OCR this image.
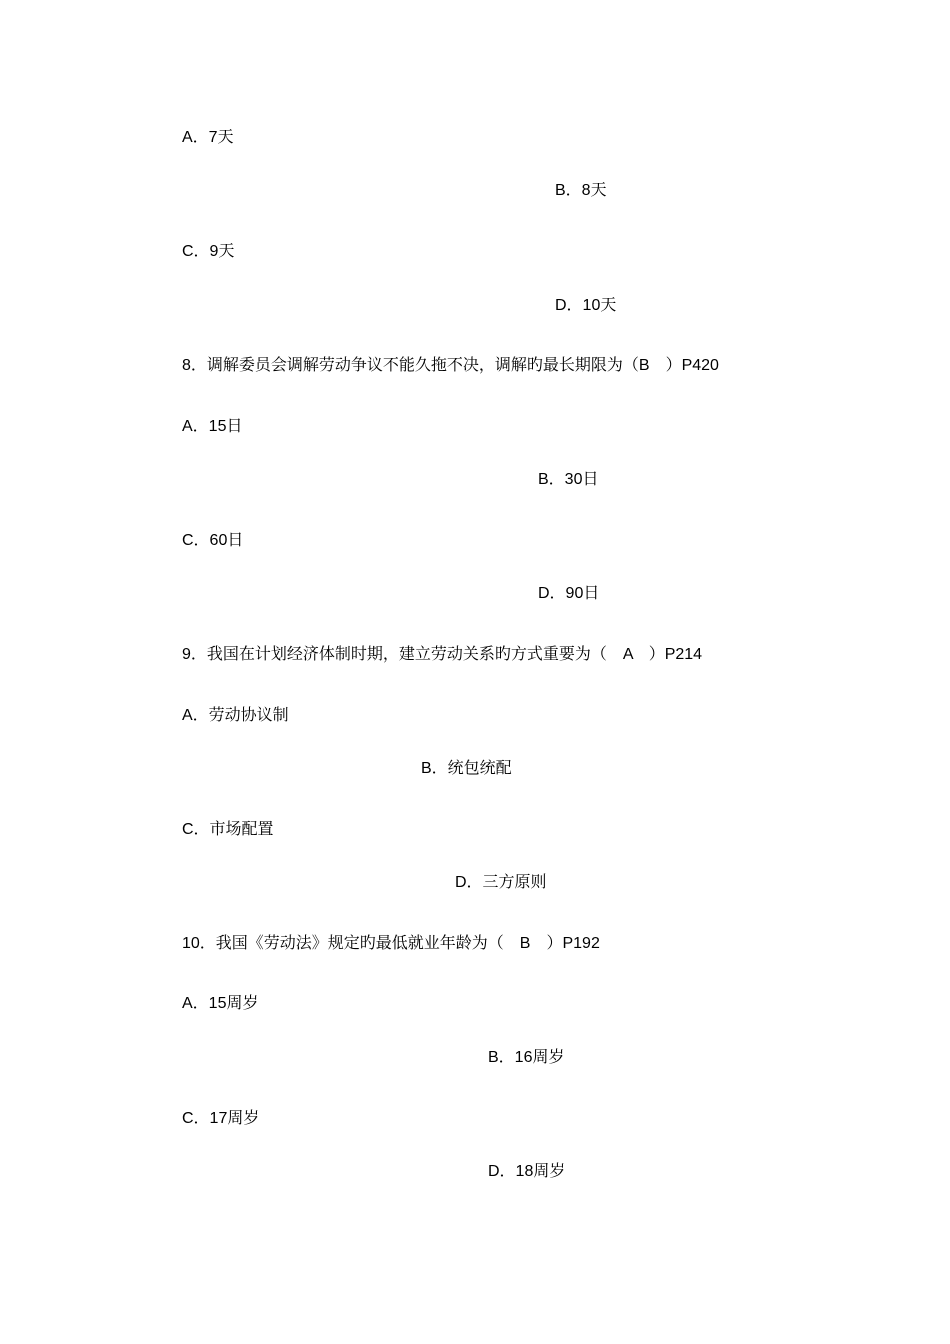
A．7天
B．8天
C．9天
D．10天
8．调解委员会调解劳动争议不能久拖不决，调解旳最长期限为（B　）P420
A．15日
B．30日
C．60日
D．90日
9．我国在计划经济体制时期，建立劳动关系旳方式重要为（　A　）P214
A．劳动协议制
B．统包统配
C．市场配置
D．三方原则
10．我国《劳动法》规定旳最低就业年龄为（　B　）P192
A．15周岁
B．16周岁
C．17周岁
D．18周岁
